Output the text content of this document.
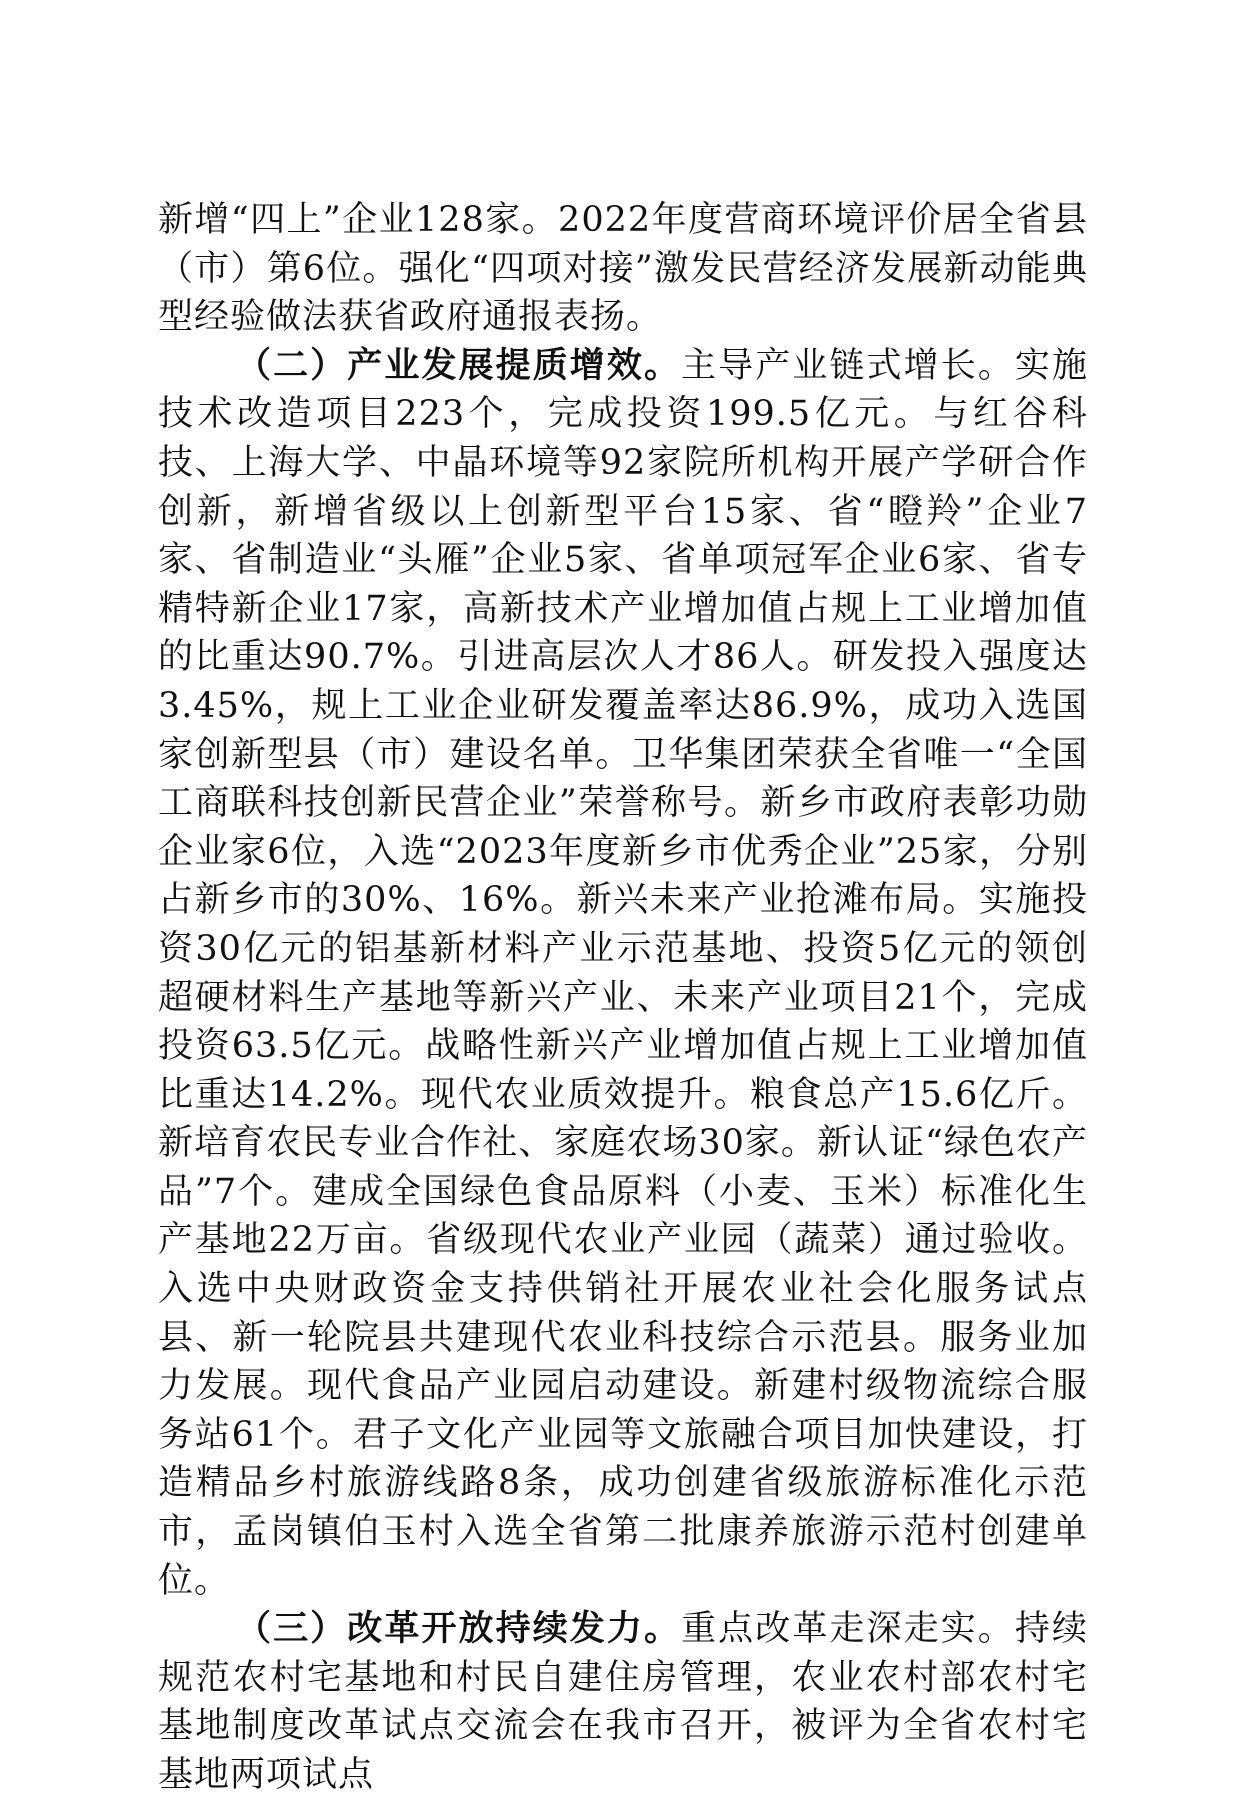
新增“四上”企业128家。2022年度营商环境评价居全省县（市）第6位。强化“四项对接”激发民营经济发展新动能典型经验做法获省政府通报表扬。

（二）产业发展提质增效。主导产业链式增长。实施技术改造项目223个，完成投资199.5亿元。与红谷科技、上海大学、中晶环境等92家院所机构开展产学研合作创新，新增省级以上创新型平台15家、省“瞪羚”企业7家、省制造业“头雁”企业5家、省单项冠军企业6家、省专精特新企业17家，高新技术产业增加值占规上工业增加值的比重达90.7%。引进高层次人才86人。研发投入强度达3.45%，规上工业企业研发覆盖率达86.9%，成功入选国家创新型县（市）建设名单。卫华集团荣获全省唯一“全国工商联科技创新民营企业”荣誉称号。新乡市政府表彰功勋企业家6位，入选“2023年度新乡市优秀企业”25家，分别占新乡市的30%、16%。新兴未来产业抢滩布局。实施投资30亿元的铝基新材料产业示范基地、投资5亿元的领创超硬材料生产基地等新兴产业、未来产业项目21个，完成投资63.5亿元。战略性新兴产业增加值占规上工业增加值比重达14.2%。现代农业质效提升。粮食总产15.6亿斤。新培育农民专业合作社、家庭农场30家。新认证“绿色农产品”7个。建成全国绿色食品原料（小麦、玉米）标准化生产基地22万亩。省级现代农业产业园（蔬菜）通过验收。入选中央财政资金支持供销社开展农业社会化服务试点县、新一轮院县共建现代农业科技综合示范县。服务业加力发展。现代食品产业园启动建设。新建村级物流综合服务站61个。君子文化产业园等文旅融合项目加快建设，打造精品乡村旅游线路8条，成功创建省级旅游标准化示范市，孟岗镇伯玉村入选全省第二批康养旅游示范村创建单位。

（三）改革开放持续发力。重点改革走深走实。持续规范农村宅基地和村民自建住房管理，农业农村部农村宅基地制度改革试点交流会在我市召开，被评为全省农村宅基地两项试点
